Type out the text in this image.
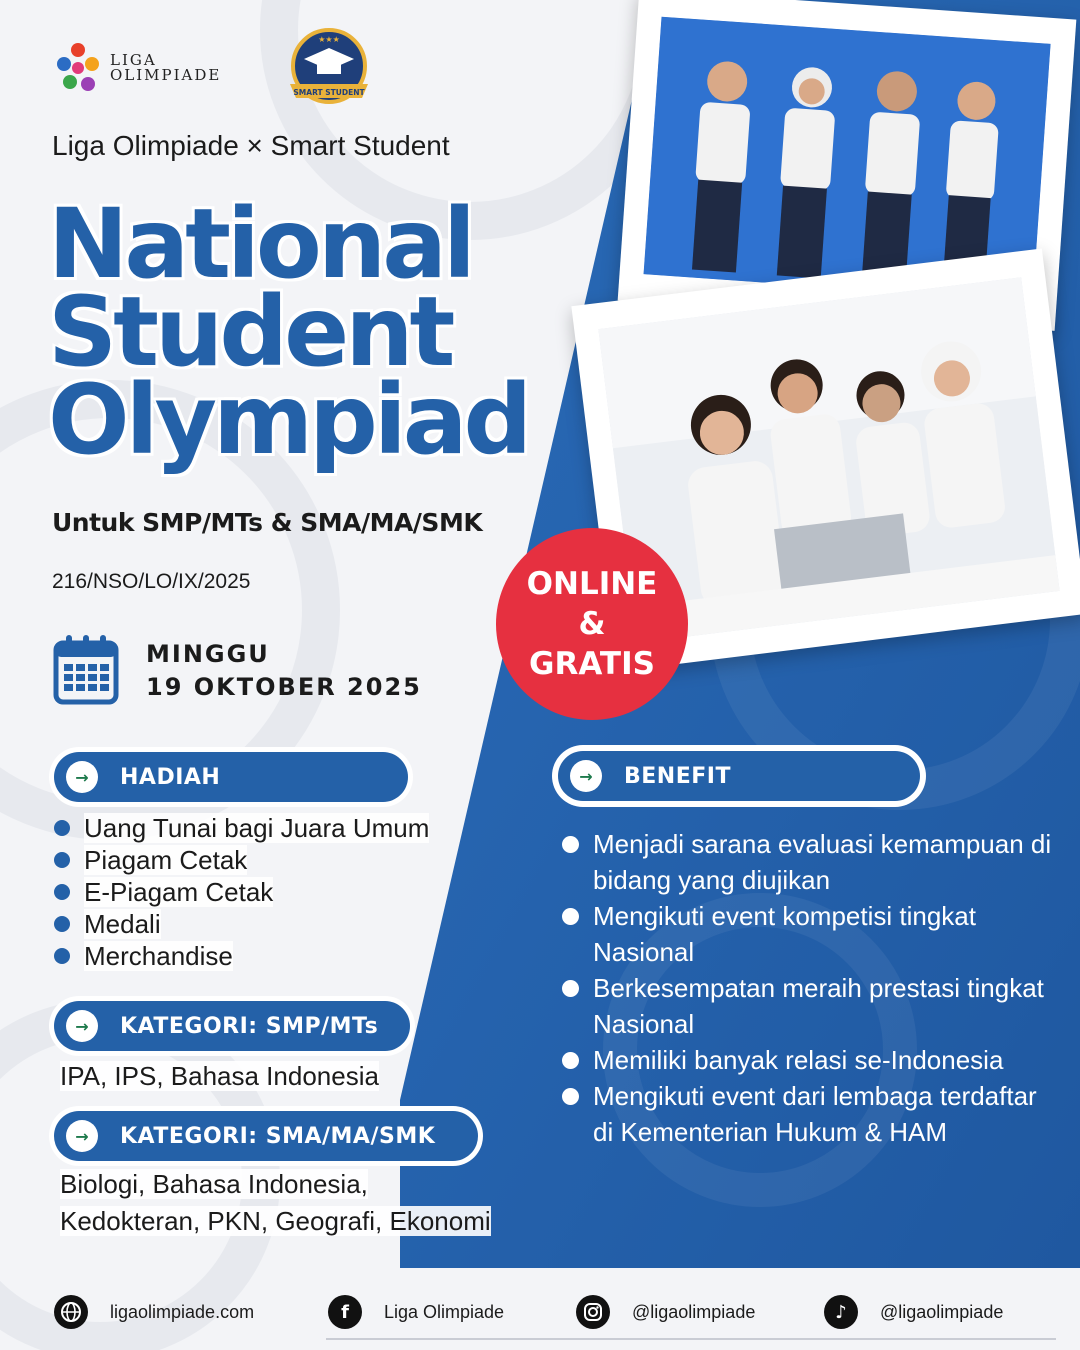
LIGA
OLIMPIADE
SMART STUDENT
★★★
Liga Olimpiade × Smart Student
National
Student
Olympiad
Untuk SMP/MTs & SMA/MA/SMK
216/NSO/LO/IX/2025
MINGGU
19 OKTOBER 2025
ONLINE
&
GRATIS
→	HADIAH
Uang Tunai bagi Juara Umum
Piagam Cetak
E-Piagam Cetak
Medali
Merchandise
→	KATEGORI: SMP/MTs
IPA, IPS, Bahasa Indonesia
→	KATEGORI: SMA/MA/SMK
Biologi, Bahasa Indonesia,
Kedokteran, PKN, Geografi, Ekonomi
→	BENEFIT
Menjadi sarana evaluasi kemampuan di bidang yang diujikan
Mengikuti event kompetisi tingkat Nasional
Berkesempatan meraih prestasi tingkat Nasional
Memiliki banyak relasi se-Indonesia
Mengikuti event dari lembaga terdaftar di Kementerian Hukum & HAM
ligaolimpiade.com	f	Liga Olimpiade	@ligaolimpiade	♪	@ligaolimpiade
